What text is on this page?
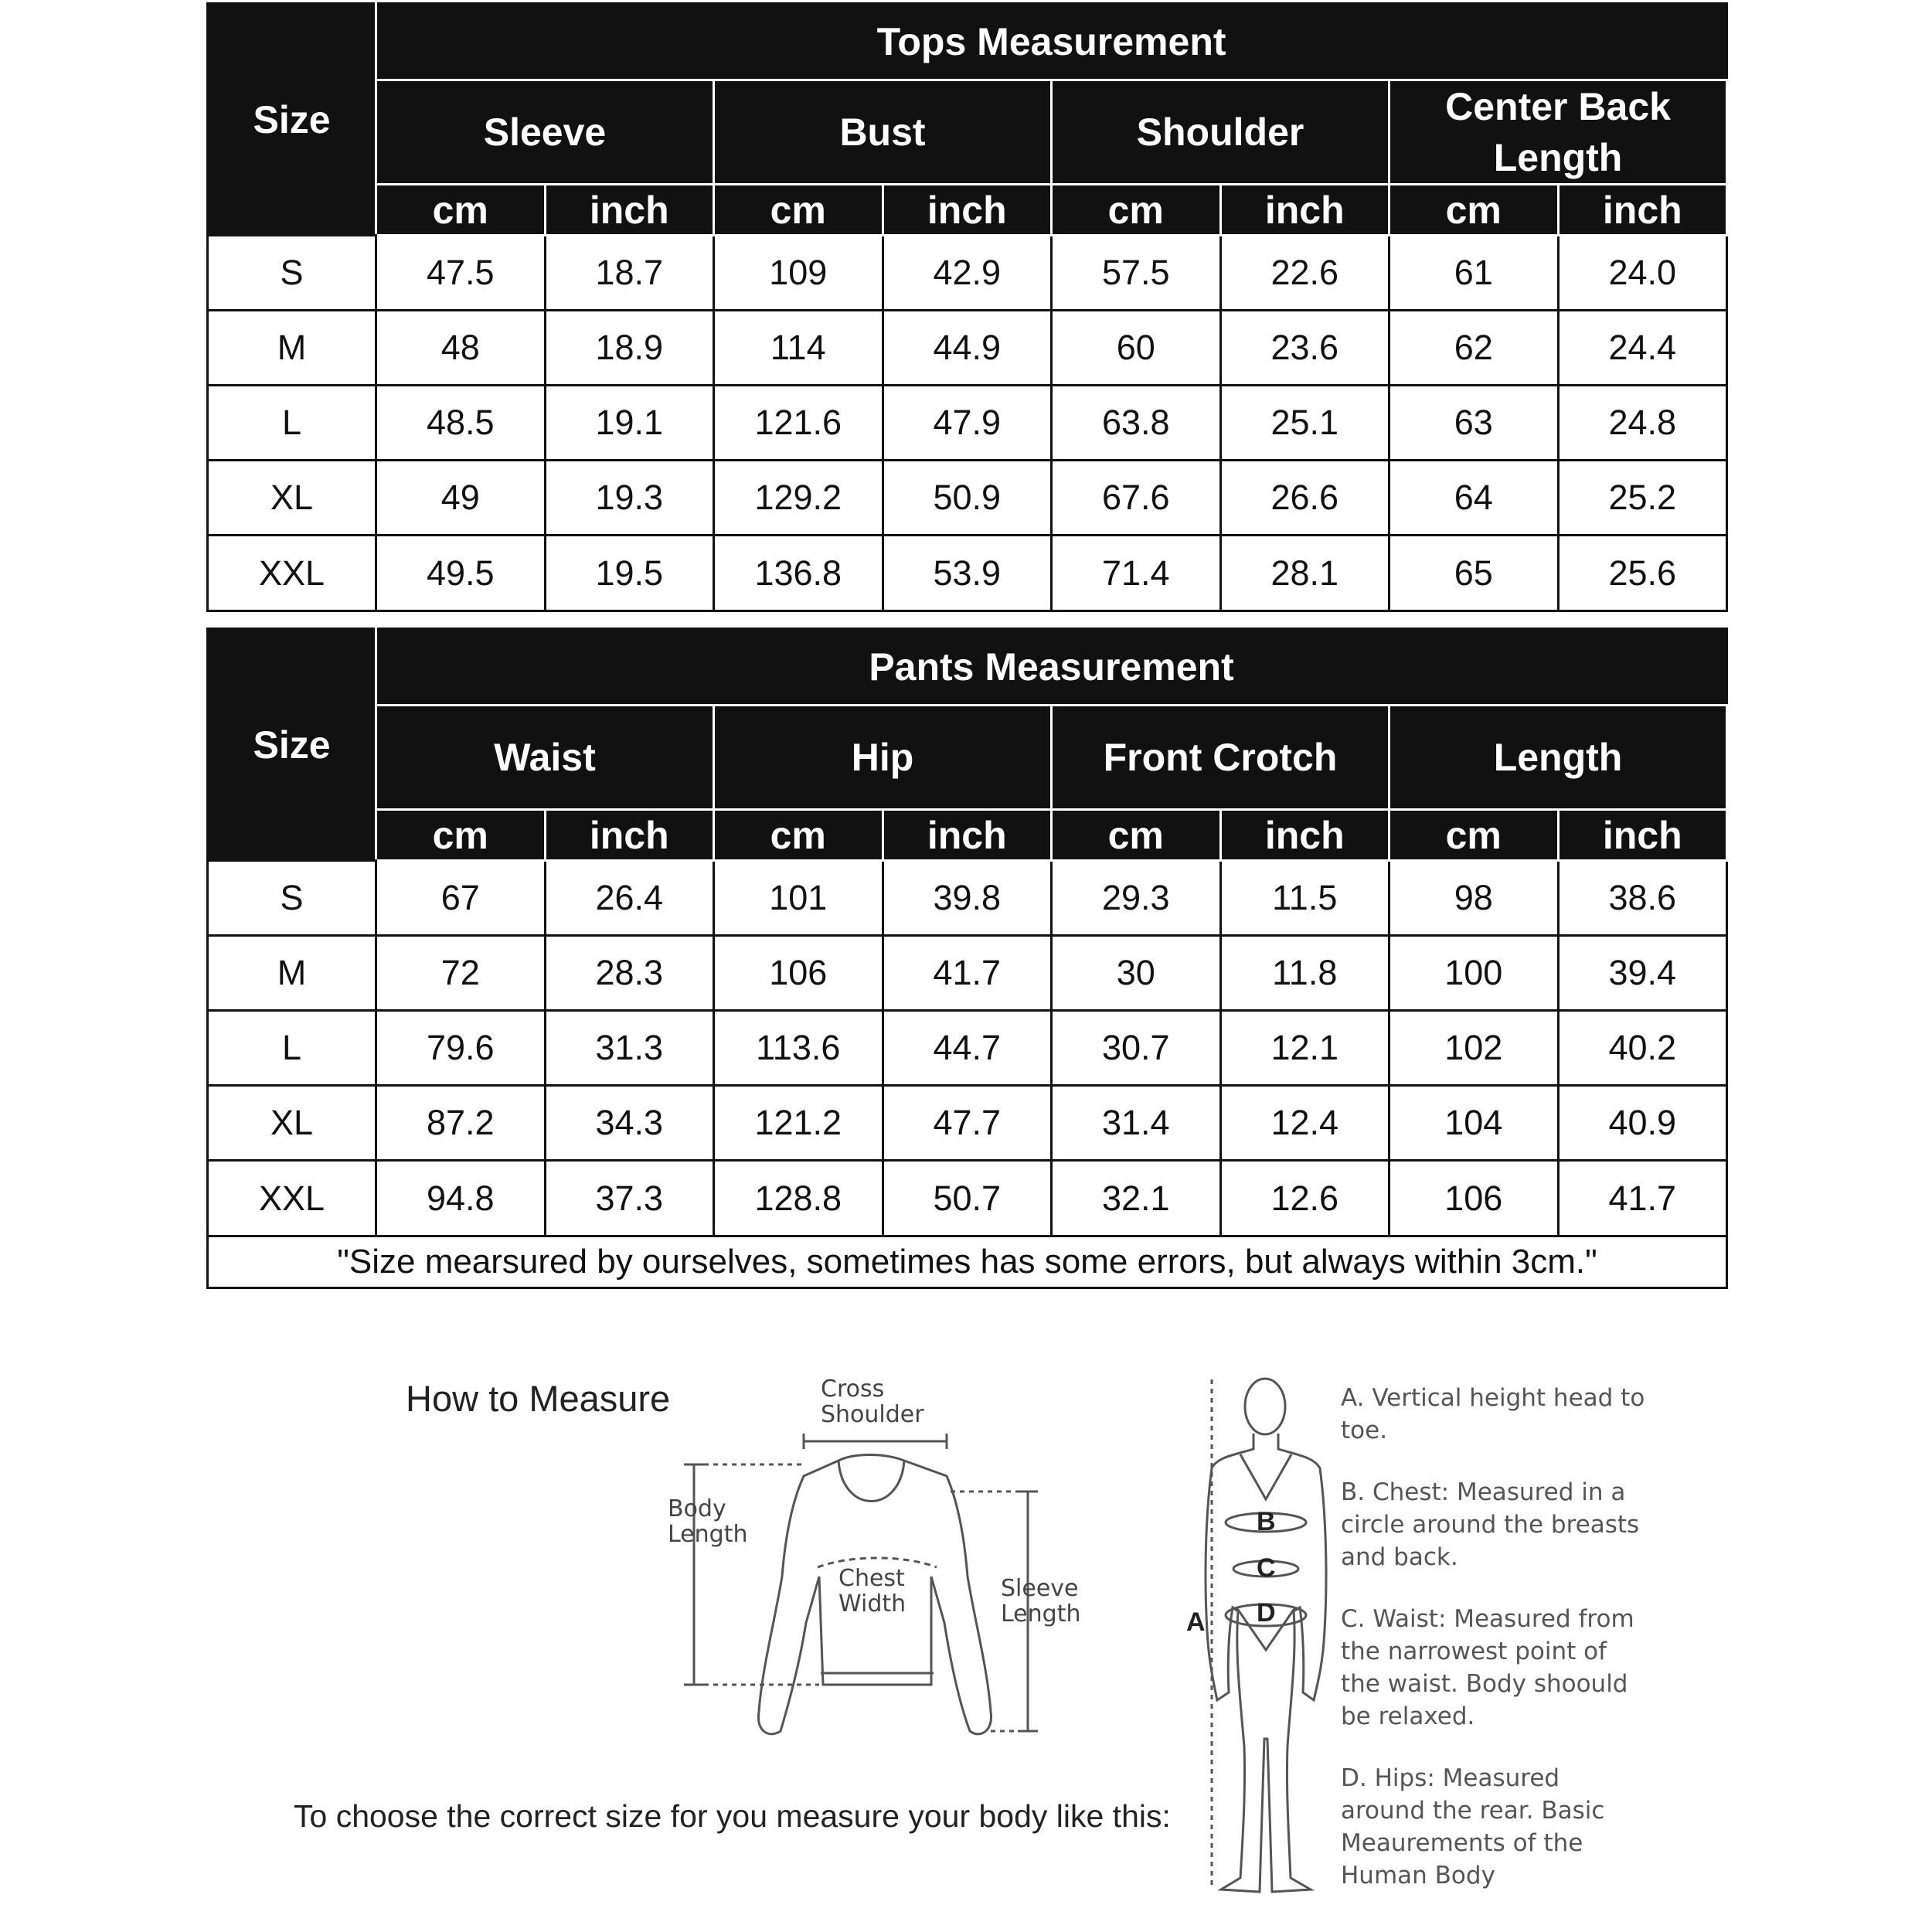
Size	Tops Measurement							
	Sleeve		Bust		Shoulder		Center Back Length	
	cm	inch	cm	inch	cm	inch	cm	inch
S	47.5	18.7	109	42.9	57.5	22.6	61	24.0
M	48	18.9	114	44.9	60	23.6	62	24.4
L	48.5	19.1	121.6	47.9	63.8	25.1	63	24.8
XL	49	19.3	129.2	50.9	67.6	26.6	64	25.2
XXL	49.5	19.5	136.8	53.9	71.4	28.1	65	25.6
Size	Pants Measurement							
	Waist		Hip		Front Crotch		Length	
	cm	inch	cm	inch	cm	inch	cm	inch
S	67	26.4	101	39.8	29.3	11.5	98	38.6
M	72	28.3	106	41.7	30	11.8	100	39.4
L	79.6	31.3	113.6	44.7	30.7	12.1	102	40.2
XL	87.2	34.3	121.2	47.7	31.4	12.4	104	40.9
XXL	94.8	37.3	128.8	50.7	32.1	12.6	106	41.7
"Size mearsured by ourselves, sometimes has some errors, but always within 3cm."								
How to Measure
To choose the correct size for you measure your body like this:
Cross
Shoulder
Body
Length
Chest
Width
Sleeve
Length	A
B
C
D
A. Vertical height head to toe.
B. Chest: Measured in a circle around the breasts and back.
C. Waist: Measured from the narrowest point of the waist. Body shoould be relaxed.
D. Hips: Measured around the rear. Basic Meaurements of the Human Body
